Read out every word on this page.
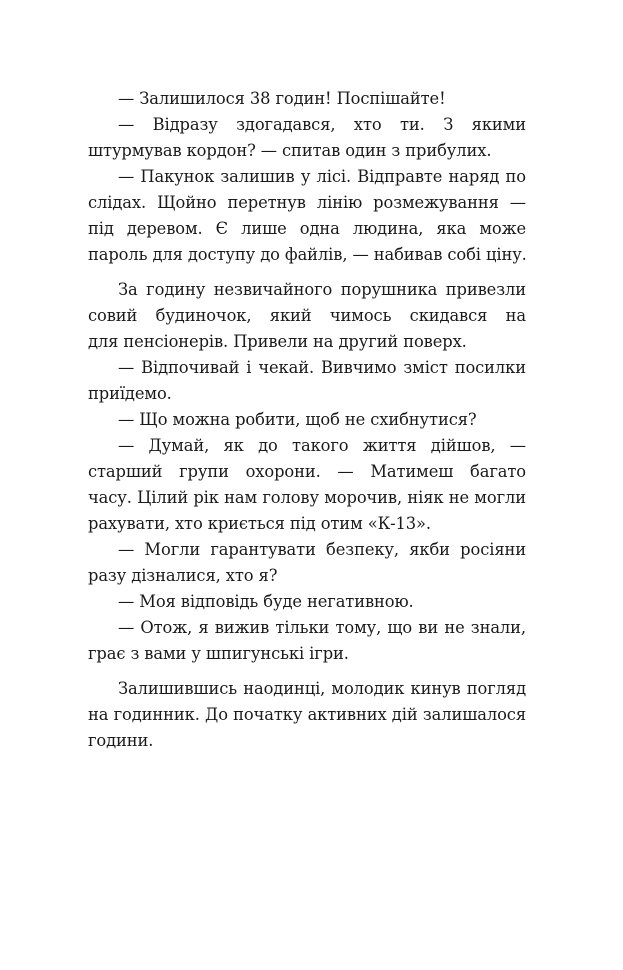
— Залишилося 38 годин! Поспішайте!
— Відразу здогадався, хто ти. З якими
штурмував кордон? — спитав один з прибулих.
— Пакунок залишив у лісі. Відправте наряд по
слідах. Щойно перетнув лінію розмежування —
під деревом. Є лише одна людина, яка може
пароль для доступу до файлів, — набивав собі ціну.
За годину незвичайного порушника привезли
совий будиночок, який чимось скидався на
для пенсіонерів. Привели на другий поверх.
— Відпочивай і чекай. Вивчимо зміст посилки
приїдемо.
— Що можна робити, щоб не схибнутися?
— Думай, як до такого життя дійшов, —
старший групи охорони. — Матимеш багато
часу. Цілий рік нам голову морочив, ніяк не могли
рахувати, хто криється під отим «К-13».
— Могли гарантувати безпеку, якби росіяни
разу дізналися, хто я?
— Моя відповідь буде негативною.
— Отож, я вижив тільки тому, що ви не знали,
грає з вами у шпигунські ігри.
Залишившись наодинці, молодик кинув погляд
на годинник. До початку активних дій залишалося
години.
